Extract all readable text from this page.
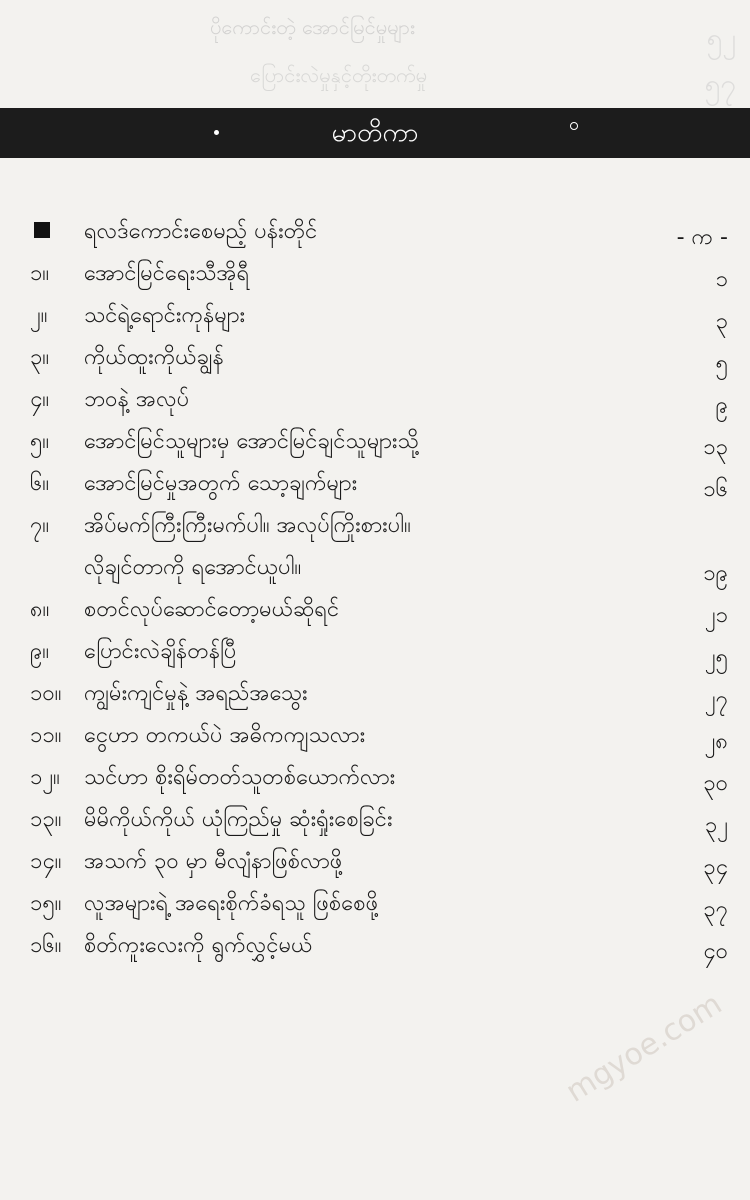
ပိုကောင်းတဲ့ အောင်မြင်မှုများ
ပြောင်းလဲမှုနှင့်တိုးတက်မှု
၅၂
၅၇
မာတိကာ
ရလဒ်ကောင်းစေမည့် ပန်းတိုင်	- က -
၁။ အောင်မြင်ရေးသီအိုရီ	၁
၂။ သင်ရဲ့ရောင်းကုန်များ	၃
၃။ ကိုယ်ထူးကိုယ်ချွန်	၅
၄။ ဘဝနဲ့ အလုပ်	၉
၅။ အောင်မြင်သူများမှ အောင်မြင်ချင်သူများသို့	၁၃
၆။ အောင်မြင်မှုအတွက် သော့ချက်များ	၁၆
၇။ အိပ်မက်ကြီးကြီးမက်ပါ။ အလုပ်ကြိုးစားပါ။
လိုချင်တာကို ရအောင်ယူပါ။	၁၉
၈။ စတင်လုပ်ဆောင်တော့မယ်ဆိုရင်	၂၁
၉။ ပြောင်းလဲချိန်တန်ပြီ	၂၅
၁၀။ ကျွမ်းကျင်မှုနဲ့ အရည်အသွေး	၂၇
၁၁။ ငွေဟာ တကယ်ပဲ အဓိကကျသလား	၂၈
၁၂။ သင်ဟာ စိုးရိမ်တတ်သူတစ်ယောက်လား	၃၀
၁၃။ မိမိကိုယ်ကိုယ် ယုံကြည်မှု ဆုံးရှုံးစေခြင်း	၃၂
၁၄။ အသက် ၃၀ မှာ မီလျံနာဖြစ်လာဖို့	၃၄
၁၅။ လူအများရဲ့ အရေးစိုက်ခံရသူ ဖြစ်စေဖို့	၃၇
၁၆။ စိတ်ကူးလေးကို ရွက်လွှင့်မယ်	၄၀
mgyoe.com
